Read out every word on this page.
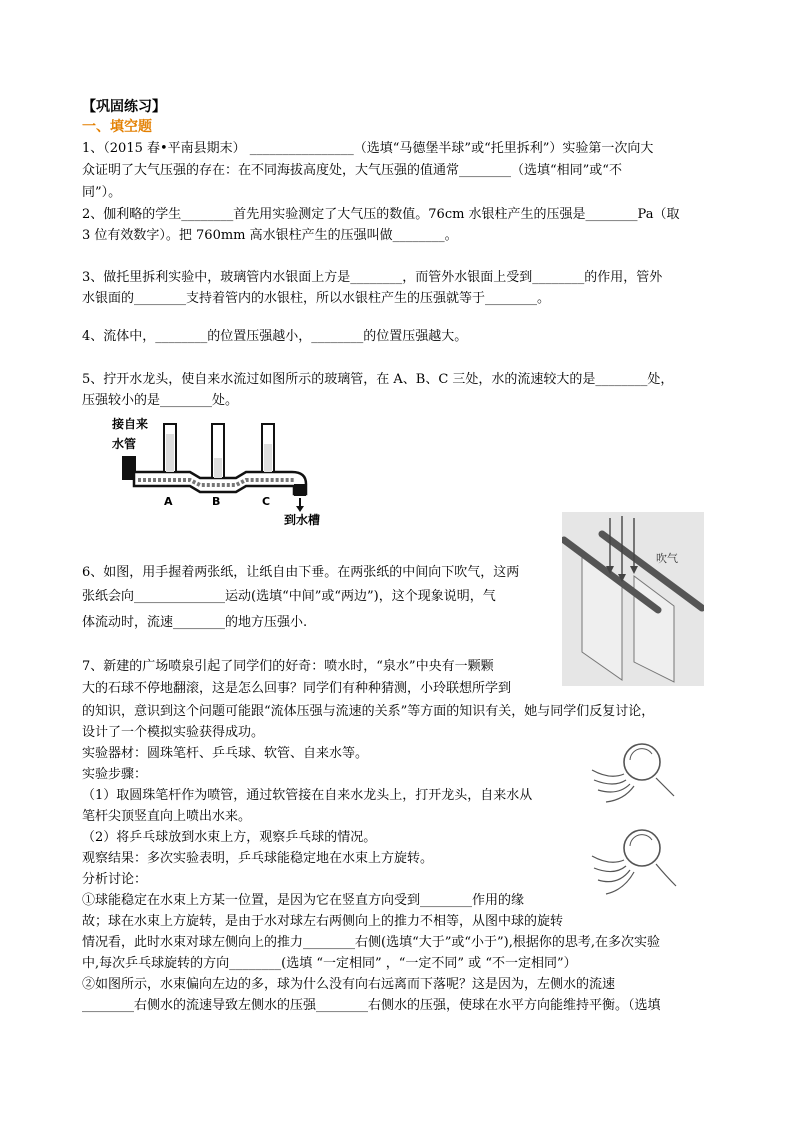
【巩固练习】
一、填空题
1、（2015 春•平南县期末） ________________（选填“马德堡半球”或“托里拆利”）实验第一次向大
众证明了大气压强的存在：在不同海拔高度处，大气压强的值通常________（选填“相同”或“不
同”）。
2、伽利略的学生________首先用实验测定了大气压的数值。76cm 水银柱产生的压强是________Pa（取
3 位有效数字）。把 760mm 高水银柱产生的压强叫做________。
3、做托里拆利实验中，玻璃管内水银面上方是________，而管外水银面上受到________的作用，管外
水银面的________支持着管内的水银柱，所以水银柱产生的压强就等于________。
4、流体中，________的位置压强越小，________的位置压强越大。
5、拧开水龙头，使自来水流过如图所示的玻璃管，在 A、B、C 三处，水的流速较大的是________处，
压强较小的是________处。
6、如图，用手握着两张纸，让纸自由下垂。在两张纸的中间向下吹气，这两
张纸会向______________运动(选填“中间”或“两边”)，这个现象说明，气
体流动时，流速________的地方压强小.
7、新建的广场喷泉引起了同学们的好奇：喷水时，“泉水”中央有一颗颗
大的石球不停地翻滚，这是怎么回事？同学们有种种猜测，小玲联想所学到
的知识，意识到这个问题可能跟“流体压强与流速的关系”等方面的知识有关，她与同学们反复讨论，
设计了一个模拟实验获得成功。
实验器材：圆珠笔杆、乒乓球、软管、自来水等。
实验步骤：
（1）取圆珠笔杆作为喷管，通过软管接在自来水龙头上，打开龙头，自来水从
笔杆尖顶竖直向上喷出水来。
（2）将乒乓球放到水束上方，观察乒乓球的情况。
观察结果：多次实验表明，乒乓球能稳定地在水束上方旋转。
分析讨论：
①球能稳定在水束上方某一位置，是因为它在竖直方向受到________作用的缘
故；球在水束上方旋转，是由于水对球左右两侧向上的推力不相等，从图中球的旋转
情况看，此时水束对球左侧向上的推力________右侧(选填“大于”或“小于”),根据你的思考,在多次实验
中,每次乒乓球旋转的方向________(选填 “一定相同” ，“一定不同” 或 “不一定相同”）
②如图所示，水束偏向左边的多，球为什么没有向右远离而下落呢？这是因为，左侧水的流速
________右侧水的流速导致左侧水的压强________右侧水的压强，使球在水平方向能维持平衡。（选填
接自来
水管
A	B	C
到水槽
吹气
